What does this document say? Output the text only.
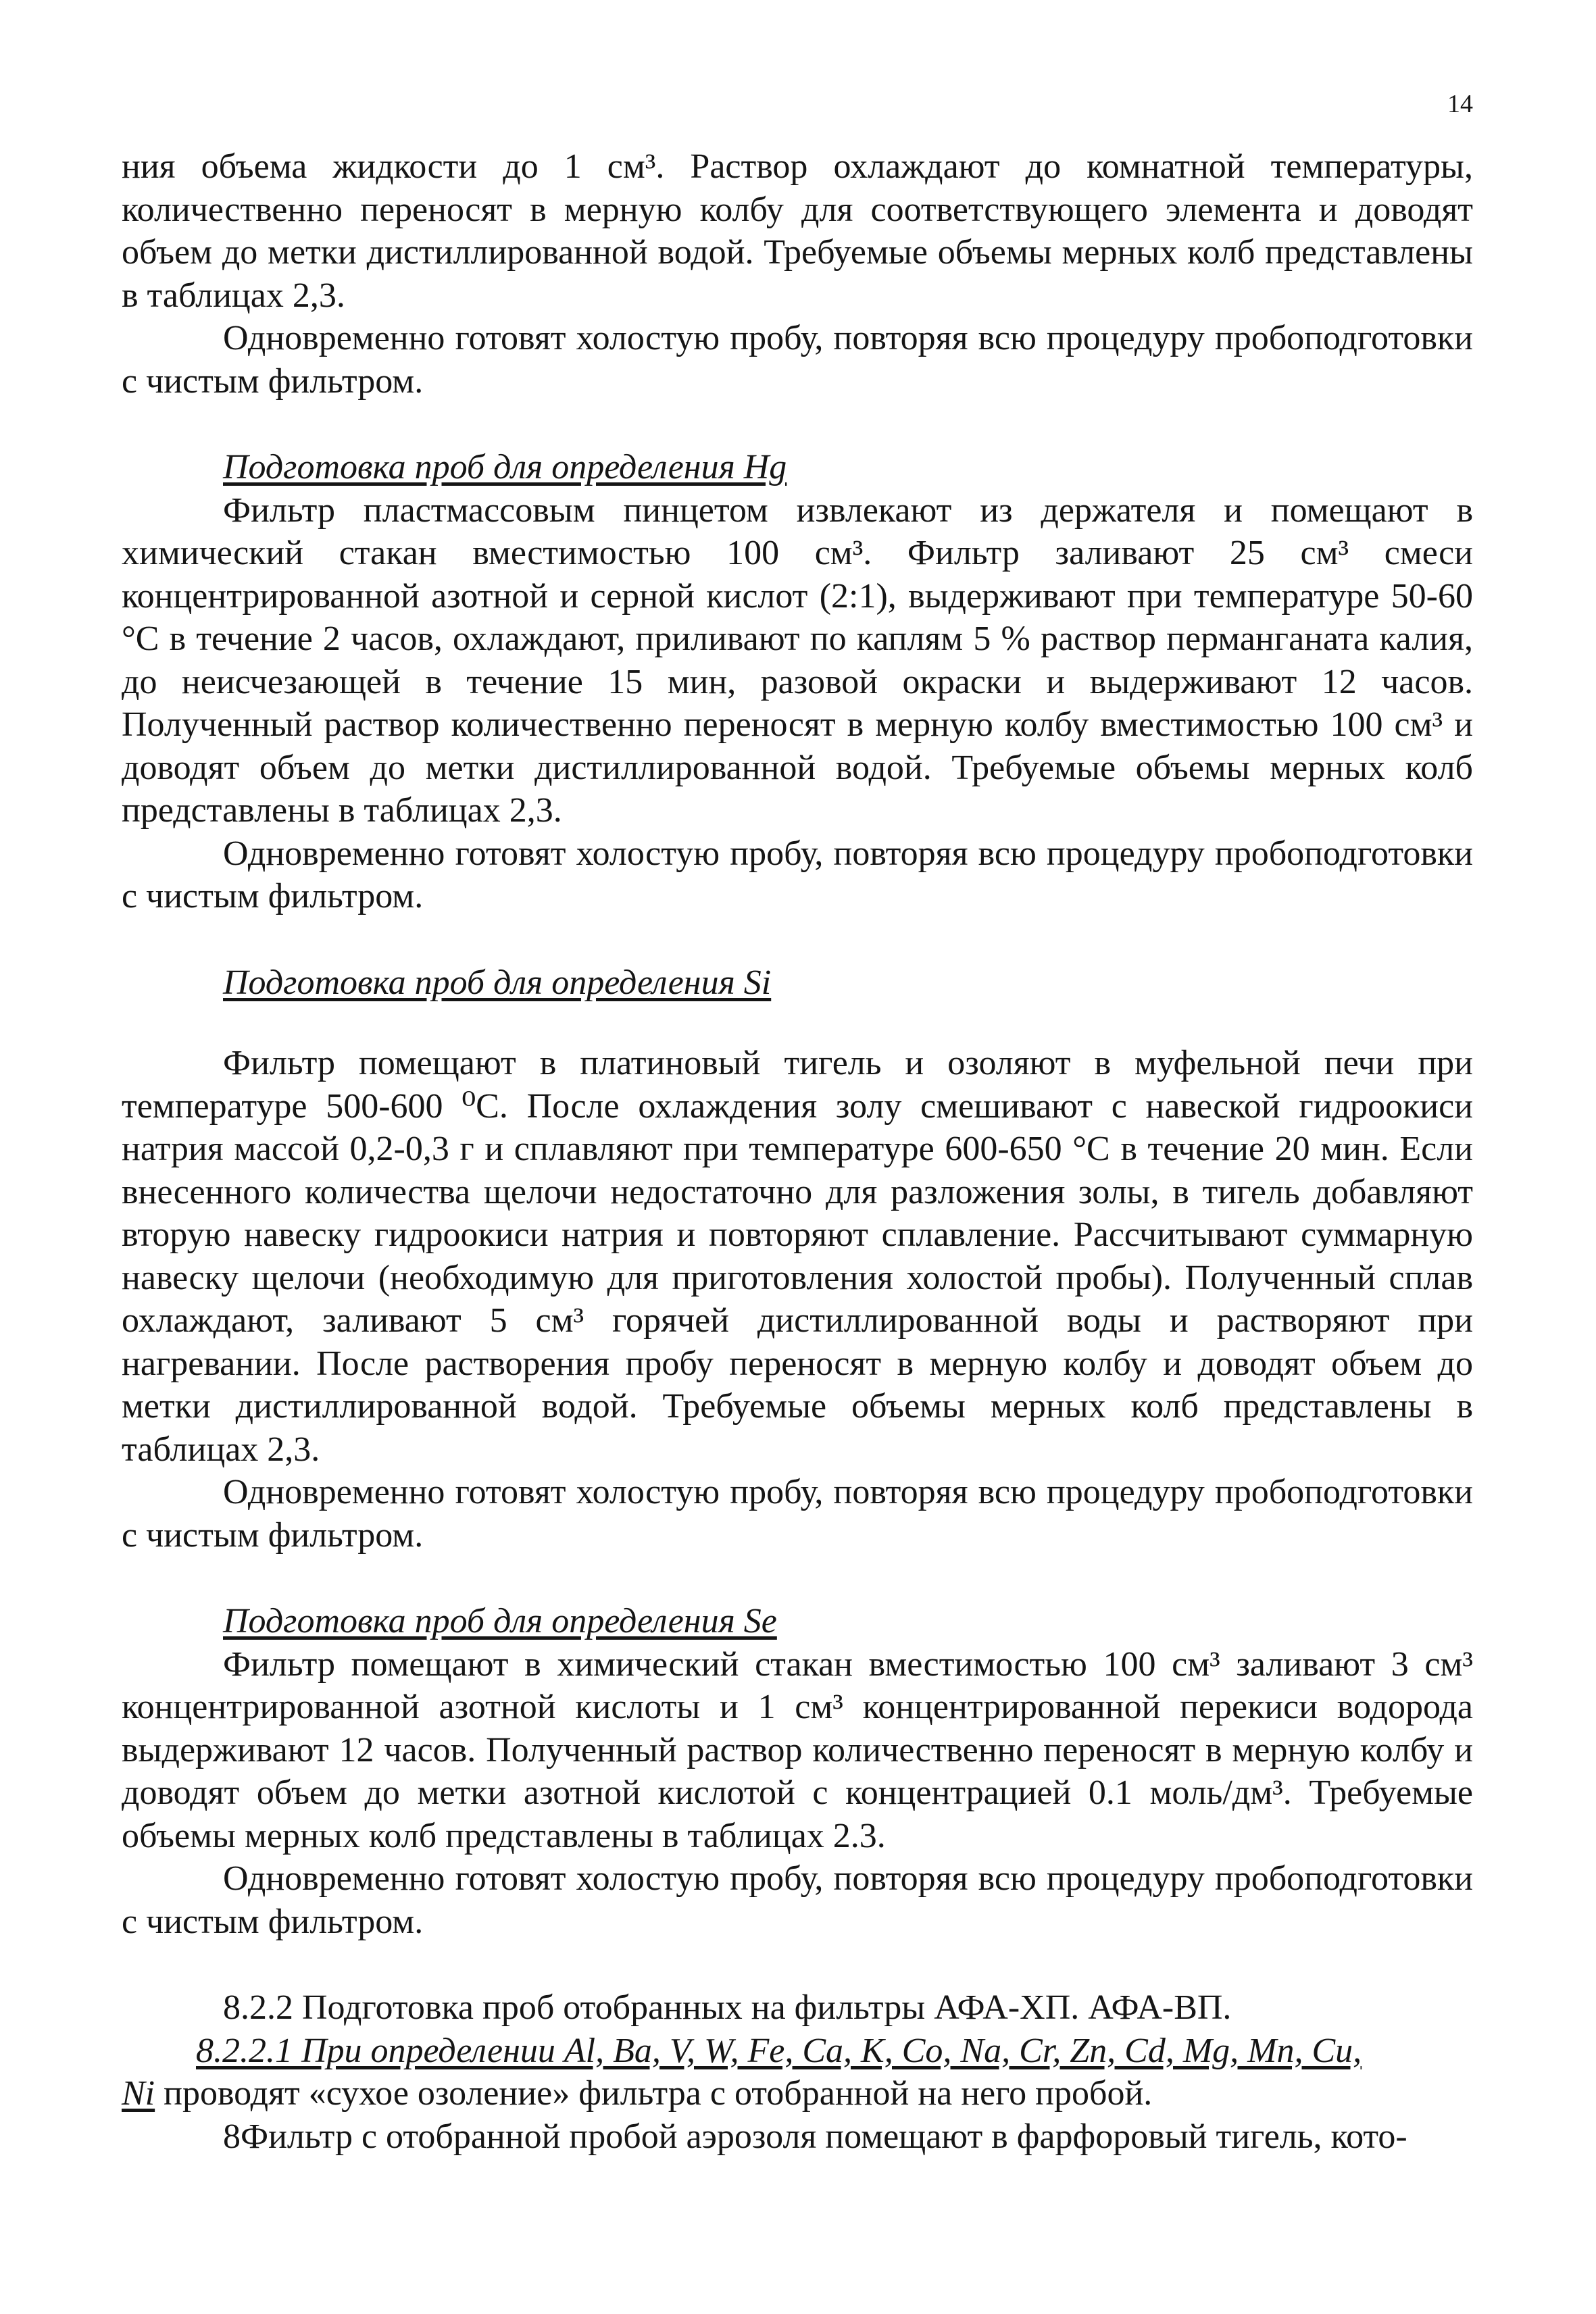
14

ния объема жидкости до 1 см³. Раствор охлаждают до комнатной температуры, количественно переносят в мерную колбу для соответствующего элемента и доводят объем до метки дистиллированной водой. Требуемые объемы мерных колб представлены в таблицах 2,3.

Одновременно готовят холостую пробу, повторяя всю процедуру пробоподготовки с чистым фильтром.

Подготовка проб для определения Hg

Фильтр пластмассовым пинцетом извлекают из держателя и помещают в химический стакан вместимостью 100 см³. Фильтр заливают 25 см³ смеси концентрированной азотной и серной кислот (2:1), выдерживают при температуре 50-60 °С в течение 2 часов, охлаждают, приливают по каплям 5 % раствор перманганата калия, до неисчезающей в течение 15 мин, разовой окраски и выдерживают 12 часов. Полученный раствор количественно переносят в мерную колбу вместимостью 100 см³ и доводят объем до метки дистиллированной водой. Требуемые объемы мерных колб представлены в таблицах 2,3.

Одновременно готовят холостую пробу, повторяя всю процедуру пробоподготовки с чистым фильтром.

Подготовка проб для определения Si

Фильтр помещают в платиновый тигель и озоляют в муфельной печи при температуре 500-600 ⁰С. После охлаждения золу смешивают с навеской гидроокиси натрия массой 0,2-0,3 г и сплавляют при температуре 600-650 °С в течение 20 мин. Если внесенного количества щелочи недостаточно для разложения золы, в тигель добавляют вторую навеску гидроокиси натрия и повторяют сплавление. Рассчитывают суммарную навеску щелочи (необходимую для приготовления холостой пробы). Полученный сплав охлаждают, заливают 5 см³ горячей дистиллированной воды и растворяют при нагревании. После растворения пробу переносят в мерную колбу и доводят объем до метки дистиллированной водой. Требуемые объемы мерных колб представлены в таблицах 2,3.

Одновременно готовят холостую пробу, повторяя всю процедуру пробоподготовки с чистым фильтром.

Подготовка проб для определения Se

Фильтр помещают в химический стакан вместимостью 100 см³ заливают 3 см³ концентрированной азотной кислоты и 1 см³ концентрированной перекиси водорода выдерживают 12 часов. Полученный раствор количественно переносят в мерную колбу и доводят объем до метки азотной кислотой с концентрацией 0.1 моль/дм³. Требуемые объемы мерных колб представлены в таблицах 2.3.

Одновременно готовят холостую пробу, повторяя всю процедуру пробоподготовки с чистым фильтром.

8.2.2 Подготовка проб отобранных на фильтры АФА-ХП. АФА-ВП.

8.2.2.1 При определении Al, Ba, V, W, Fe, Ca, K, Co, Na, Cr, Zn, Cd, Mg, Mn, Cu,
Ni проводят «сухое озоление» фильтра с отобранной на него пробой.

8Фильтр с отобранной пробой аэрозоля помещают в фарфоровый тигель, кото-
